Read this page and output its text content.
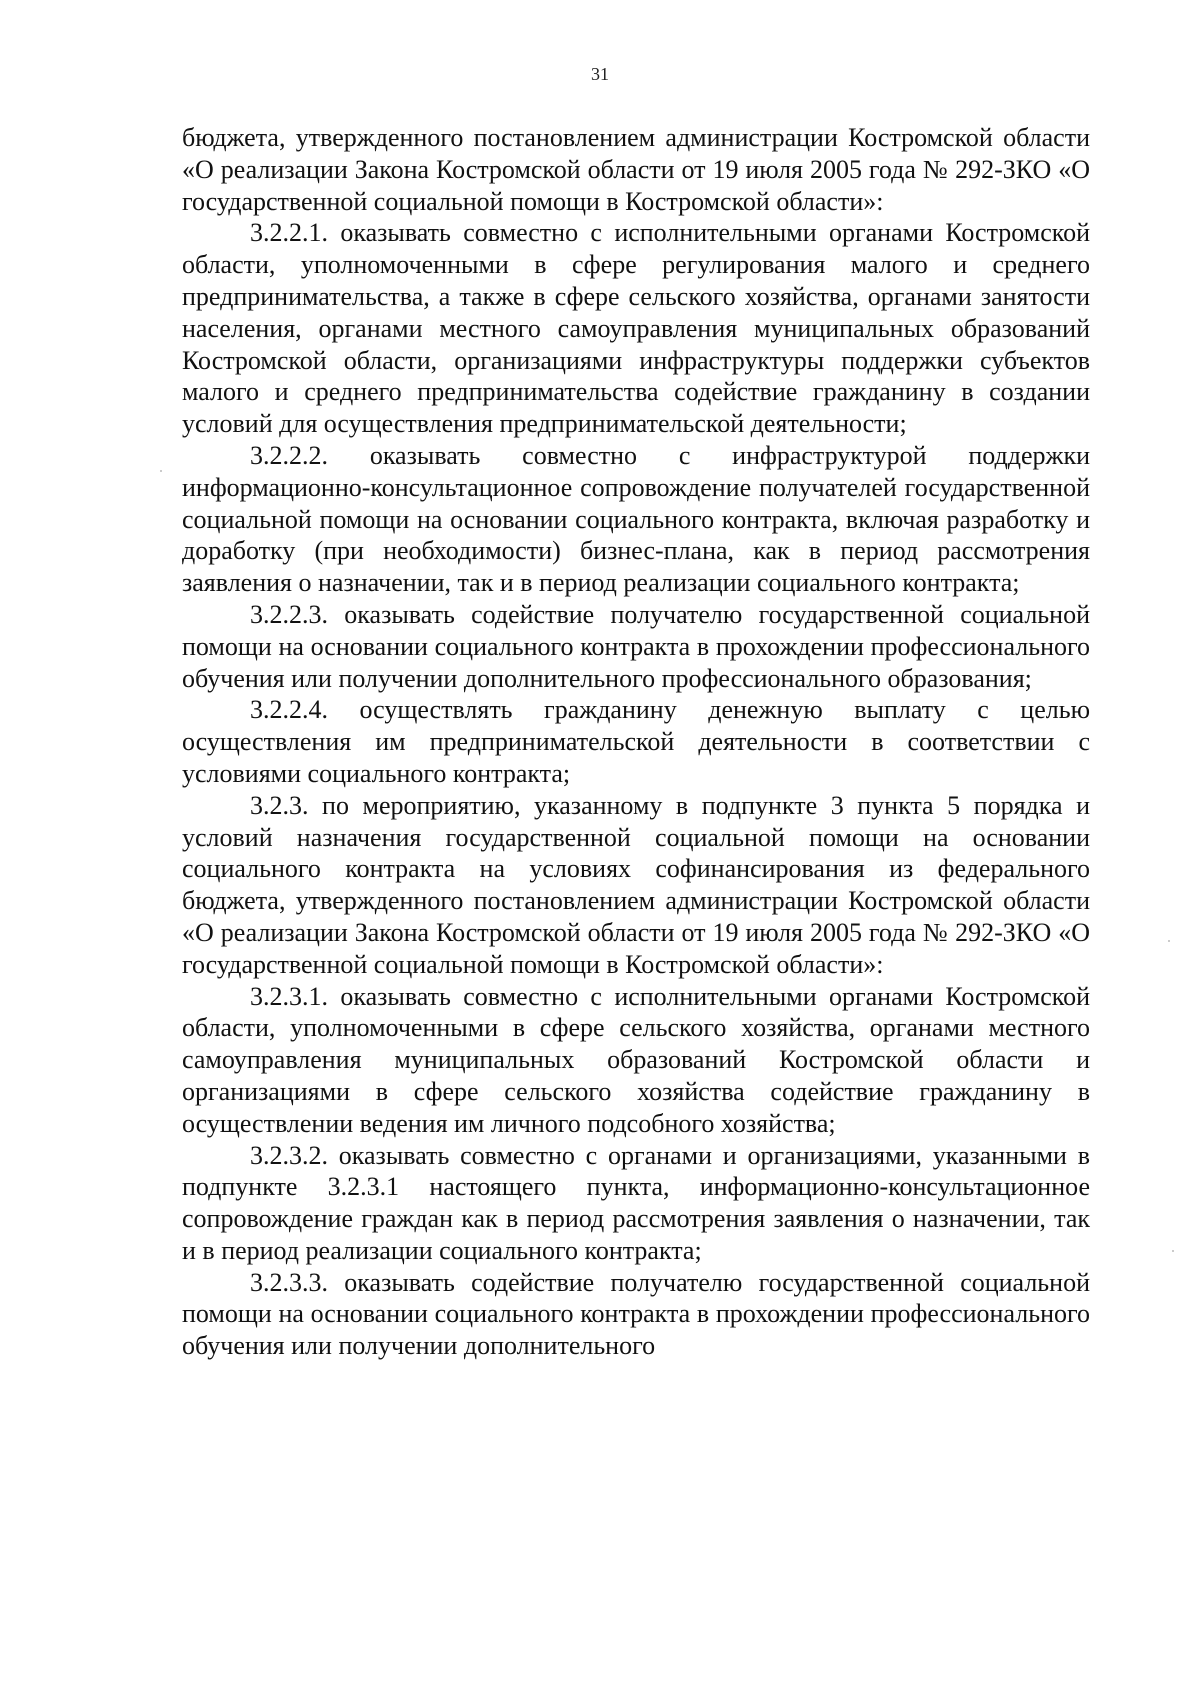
31

бюджета, утвержденного постановлением администрации Костромской области «О реализации Закона Костромской области от 19 июля 2005 года № 292-ЗКО «О государственной социальной помощи в Костромской области»:

3.2.2.1. оказывать совместно с исполнительными органами Костромской области, уполномоченными в сфере регулирования малого и среднего предпринимательства, а также в сфере сельского хозяйства, органами занятости населения, органами местного самоуправления муниципальных образований Костромской области, организациями инфраструктуры поддержки субъектов малого и среднего предпринимательства содействие гражданину в создании условий для осуществления предпринимательской деятельности;

3.2.2.2. оказывать совместно с инфраструктурой поддержки информационно-консультационное сопровождение получателей государственной социальной помощи на основании социального контракта, включая разработку и доработку (при необходимости) бизнес-плана, как в период рассмотрения заявления о назначении, так и в период реализации социального контракта;

3.2.2.3. оказывать содействие получателю государственной социальной помощи на основании социального контракта в прохождении профессионального обучения или получении дополнительного профессионального образования;

3.2.2.4. осуществлять гражданину денежную выплату с целью осуществления им предпринимательской деятельности в соответствии с условиями социального контракта;

3.2.3. по мероприятию, указанному в подпункте 3 пункта 5 порядка и условий назначения государственной социальной помощи на основании социального контракта на условиях софинансирования из федерального бюджета, утвержденного постановлением администрации Костромской области «О реализации Закона Костромской области от 19 июля 2005 года № 292-ЗКО «О государственной социальной помощи в Костромской области»:

3.2.3.1. оказывать совместно с исполнительными органами Костромской области, уполномоченными в сфере сельского хозяйства, органами местного самоуправления муниципальных образований Костромской области и организациями в сфере сельского хозяйства содействие гражданину в осуществлении ведения им личного подсобного хозяйства;

3.2.3.2. оказывать совместно с органами и организациями, указанными в подпункте 3.2.3.1 настоящего пункта, информационно-консультационное сопровождение граждан как в период рассмотрения заявления о назначении, так и в период реализации социального контракта;

3.2.3.3. оказывать содействие получателю государственной социальной помощи на основании социального контракта в прохождении профессионального обучения или получении дополнительного
